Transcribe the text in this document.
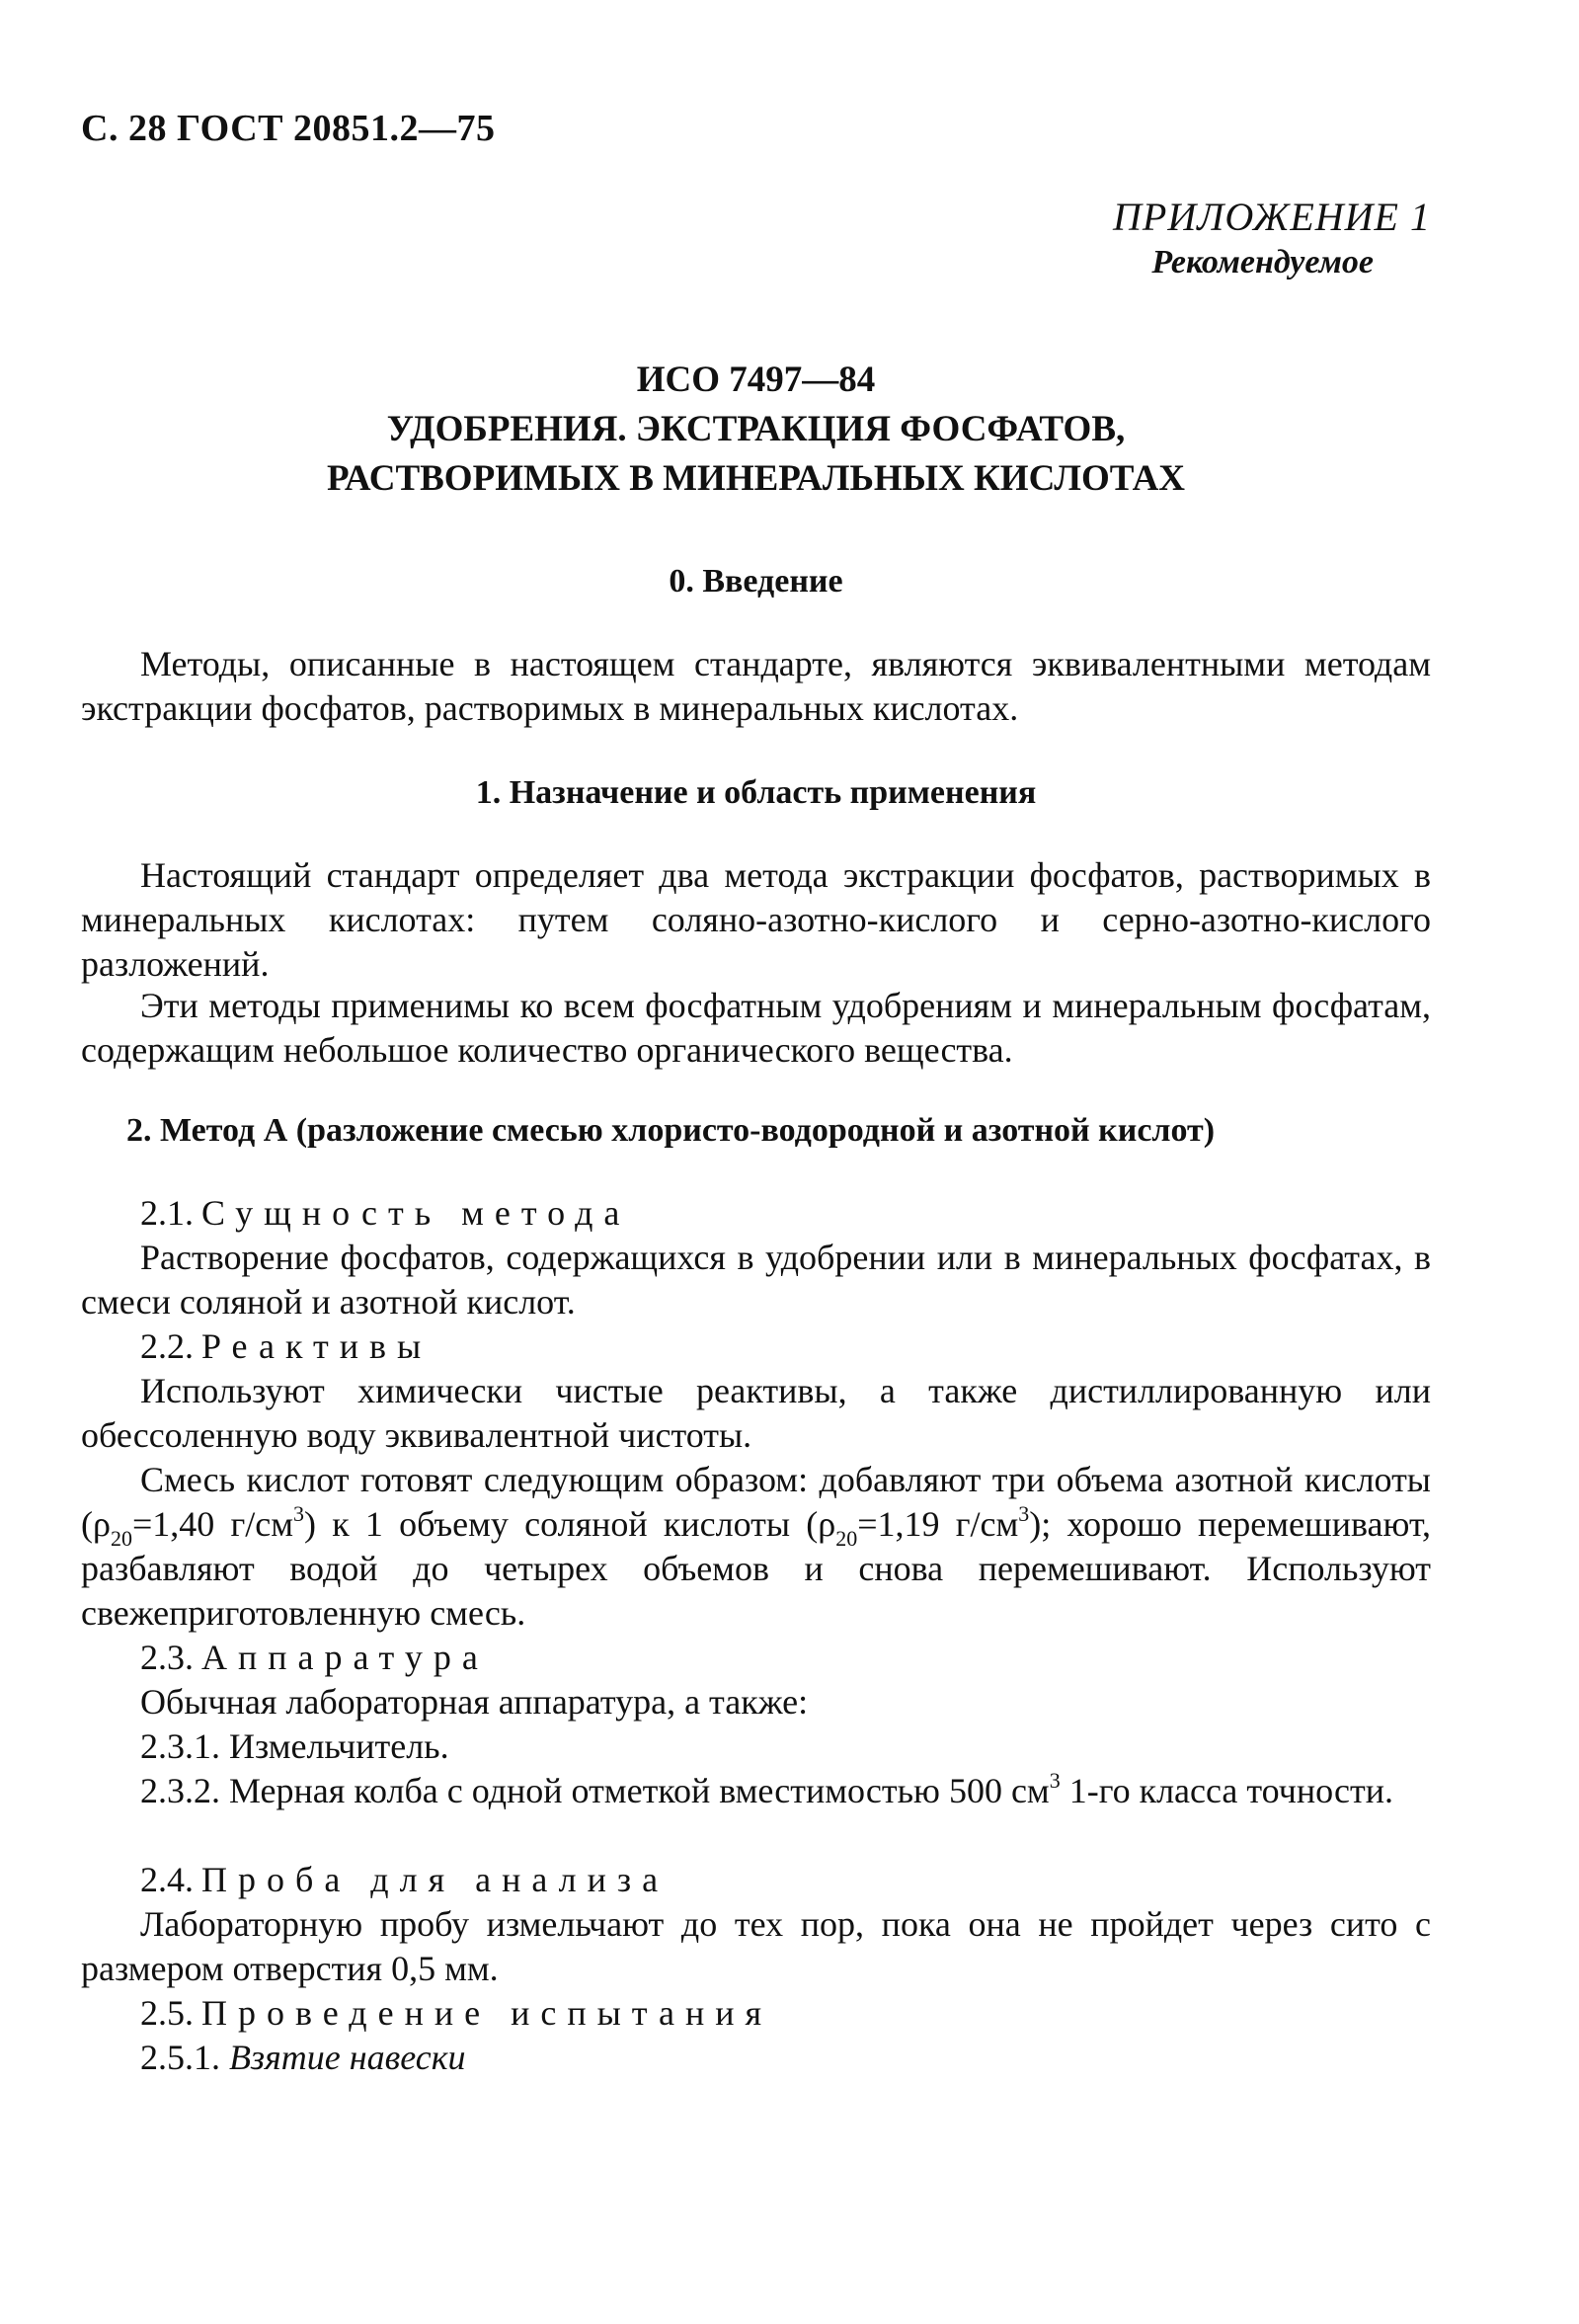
С. 28 ГОСТ 20851.2—75
ПРИЛОЖЕНИЕ 1
Рекомендуемое
ИСО 7497—84
УДОБРЕНИЯ. ЭКСТРАКЦИЯ ФОСФАТОВ,
РАСТВОРИМЫХ В МИНЕРАЛЬНЫХ КИСЛОТАХ
0. Введение
Методы, описанные в настоящем стандарте, являются эквивалентными методам экстракции фосфатов, растворимых в минеральных кислотах.
1. Назначение и область применения
Настоящий стандарт определяет два метода экстракции фосфатов, растворимых в минеральных кислотах: путем соляно-азотно-кислого и серно-азотно-кислого разложений.
Эти методы применимы ко всем фосфатным удобрениям и минеральным фосфатам, содержащим небольшое количество органического вещества.
2. Метод А (разложение смесью хлористо-водородной и азотной кислот)
2.1. Сущность метода
Растворение фосфатов, содержащихся в удобрении или в минеральных фосфатах, в смеси соляной и азотной кислот.
2.2. Реактивы
Используют химически чистые реактивы, а также дистиллированную или обессоленную воду эквивалентной чистоты.
Смесь кислот готовят следующим образом: добавляют три объема азотной кислоты ($\rho_{20}=1,40$ $г/см^3$) к 1 объему соляной кислоты ($\rho_{20}=1,19$ $г/см^3$); хорошо перемешивают, разбавляют водой до четырех объемов и снова перемешивают. Используют свежеприготовленную смесь.
2.3. Аппаратура
Обычная лабораторная аппаратура, а также:
2.3.1. Измельчитель.
2.3.2. Мерная колба с одной отметкой вместимостью 500 $см^3$ 1-го класса точности.
2.4. Проба для анализа
Лабораторную пробу измельчают до тех пор, пока она не пройдет через сито с размером отверстия 0,5 мм.
2.5. Проведение испытания
2.5.1. Взятие навески
